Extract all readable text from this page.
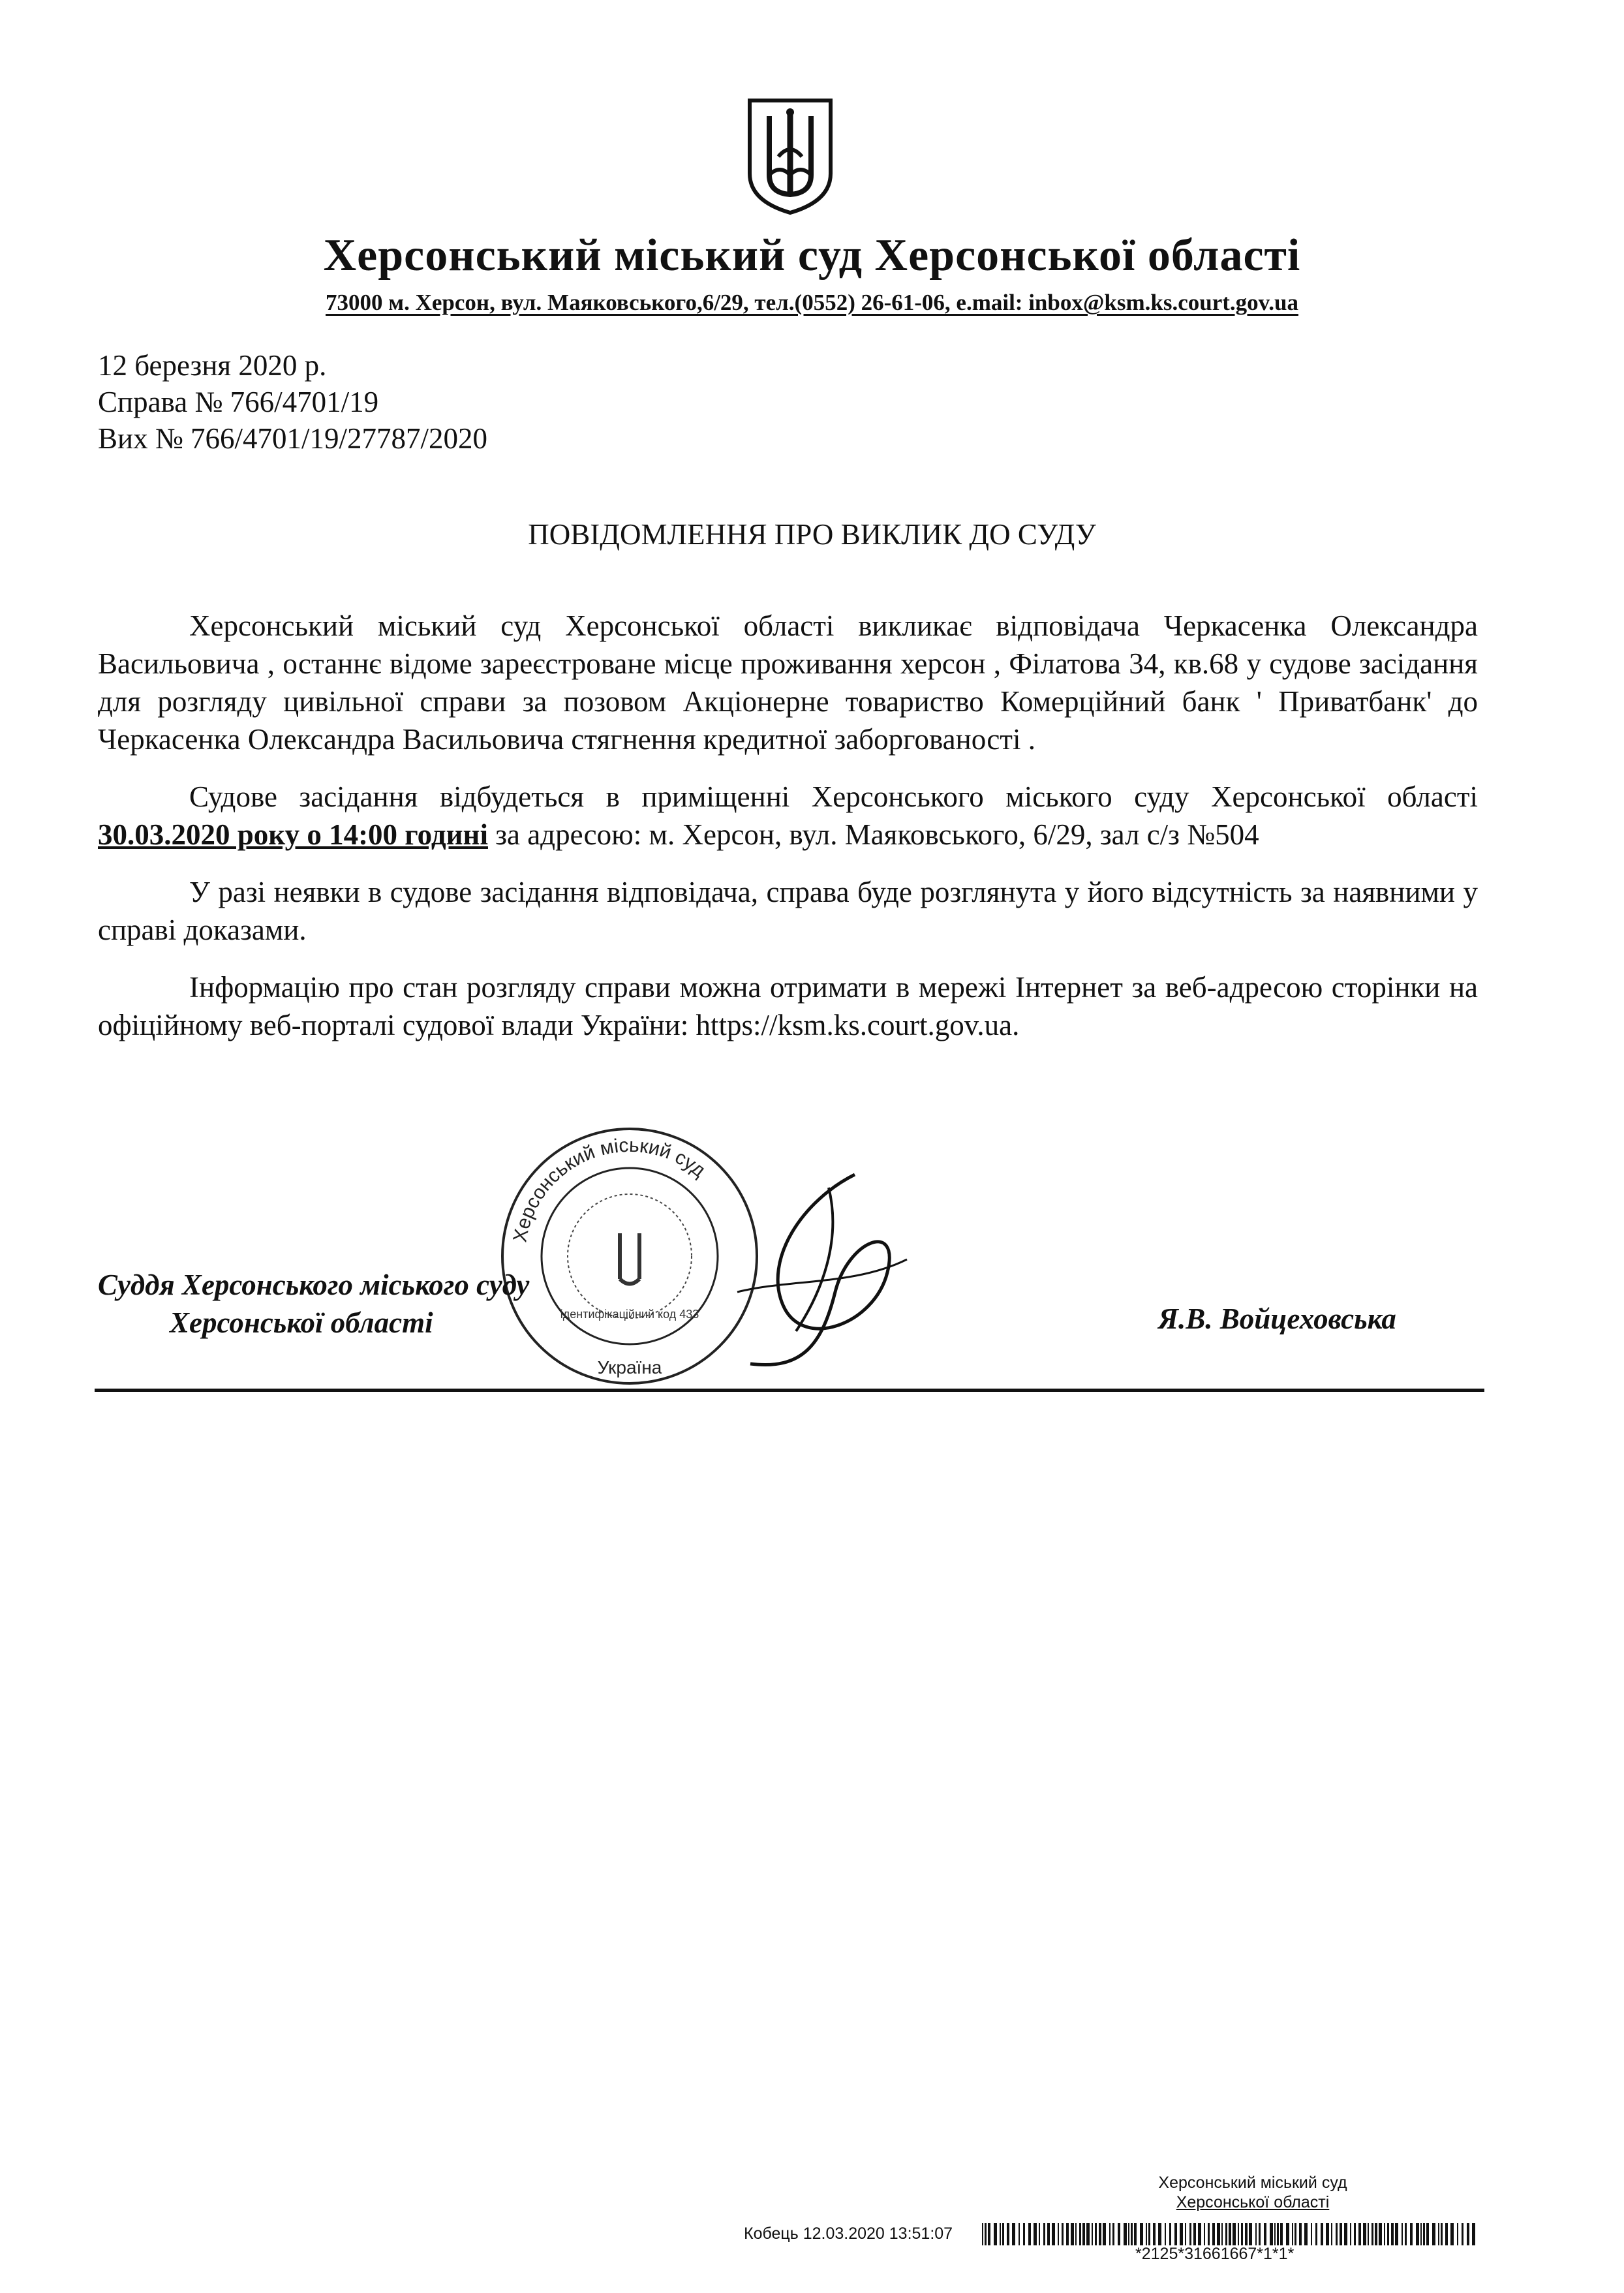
Херсонський міський суд Херсонської області
73000 м. Херсон, вул. Маяковського,6/29, тел.(0552) 26-61-06, e.mail: inbox@ksm.ks.court.gov.ua
12 березня 2020 р.
Справа № 766/4701/19
Вих № 766/4701/19/27787/2020
ПОВІДОМЛЕННЯ ПРО ВИКЛИК ДО СУДУ

Херсонський міський суд Херсонської області викликає відповідача Черкасенка Олександра Васильовича , останнє відоме зареєстроване місце проживання херсон , Філатова 34, кв.68 у судове засідання для розгляду цивільної справи за позовом Акціонерне товариство Комерційний банк ' Приватбанк' до Черкасенка Олександра Васильовича стягнення кредитної заборгованості .

Судове засідання відбудеться в приміщенні Херсонського міського суду Херсонської області 30.03.2020 року о 14:00 годині за адресою: м. Херсон, вул. Маяковського, 6/29, зал с/з №504

У разі неявки в судове засідання відповідача, справа буде розглянута у його відсутність за наявними у справі доказами.

Інформацію про стан розгляду справи можна отримати в мережі Інтернет за веб-адресою сторінки на офіційному веб-порталі судової влади України: https://ksm.ks.court.gov.ua.

Херсонський міський суд
ідентифікаційний код 433
Україна
Суддя Херсонського міського суду
Херсонської області	Я.В. Войцеховська
Херсонський міський суд
Херсонської області
Кобець 12.03.2020 13:51:07
*2125*31661667*1*1*
